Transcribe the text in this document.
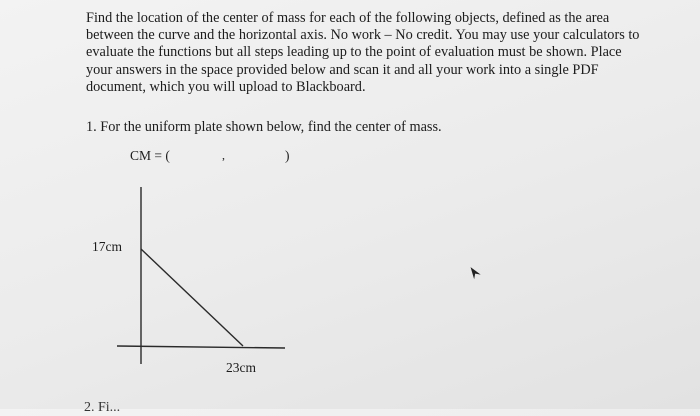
Find the location of the center of mass for each of the following objects, defined as the area
between the curve and the horizontal axis. No work – No credit. You may use your calculators to
evaluate the functions but all steps leading up to the point of evaluation must be shown. Place
your answers in the space provided below and scan it and all your work into a single PDF
document, which you will upload to Blackboard.
1. For the uniform plate shown below, find the center of mass.
CM = (	,	)
17cm
23cm
2. Fi...
